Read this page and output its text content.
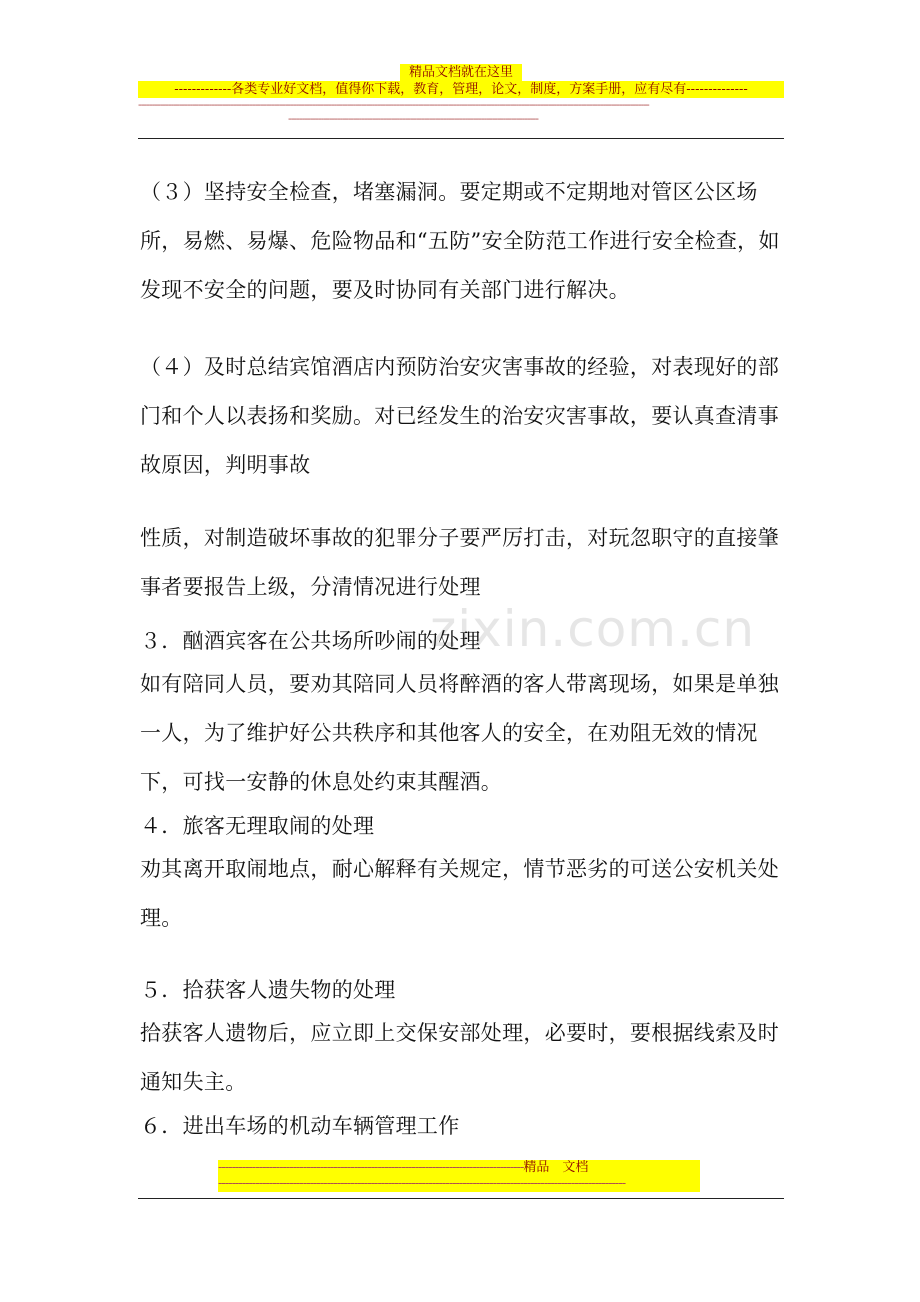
精品文档就在这里
-------------各类专业好文档，值得你下载，教育，管理，论文，制度，方案手册，应有尽有--------------
--------------------------------------------------------------------------------------------------------------------------------------------------------------------------------------------
--------------------------------------------------------------------------------------------
zixin.com.cn

（３）坚持安全检查，堵塞漏洞。要定期或不定期地对管区公区场所，易燃、易爆、危险物品和“五防”安全防范工作进行安全检查，如发现不安全的问题，要及时协同有关部门进行解决。

（４）及时总结宾馆酒店内预防治安灾害事故的经验，对表现好的部门和个人以表扬和奖励。对已经发生的治安灾害事故，要认真查清事故原因，判明事故

性质，对制造破坏事故的犯罪分子要严厉打击，对玩忽职守的直接肇事者要报告上级，分清情况进行处理

３．酗酒宾客在公共场所吵闹的处理

如有陪同人员，要劝其陪同人员将醉酒的客人带离现场，如果是单独一人，为了维护好公共秩序和其他客人的安全，在劝阻无效的情况下，可找一安静的休息处约束其醒酒。

４．旅客无理取闹的处理

劝其离开取闹地点，耐心解释有关规定，情节恶劣的可送公安机关处理。

５．拾获客人遗失物的处理

拾获客人遗物后，应立即上交保安部处理，必要时，要根据线索及时通知失主。

６．进出车场的机动车辆管理工作

------------------------------------------------------------------------------------------精品　文档
------------------------------------------------------------------------------------------------------------------------
